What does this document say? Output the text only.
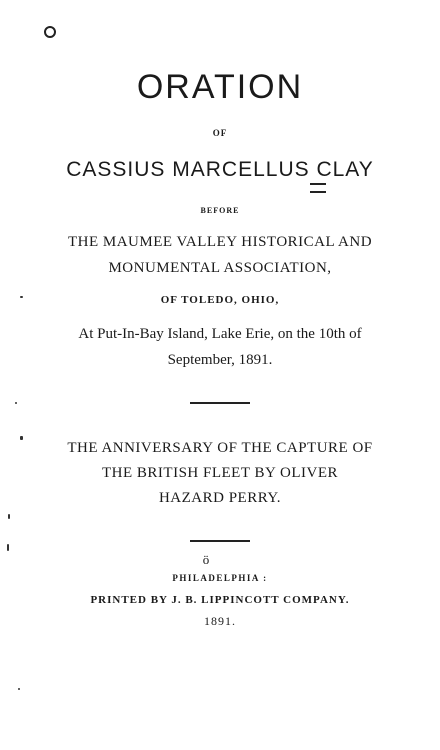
ORATION
OF
CASSIUS MARCELLUS CLAY
BEFORE
THE MAUMEE VALLEY HISTORICAL AND
MONUMENTAL ASSOCIATION,
OF TOLEDO, OHIO,
At Put-In-Bay Island, Lake Erie, on the 10th of
September, 1891.
THE ANNIVERSARY OF THE CAPTURE OF
THE BRITISH FLEET BY OLIVER
HAZARD PERRY.
ö
PHILADELPHIA :
PRINTED BY J. B. LIPPINCOTT COMPANY.
1891.
